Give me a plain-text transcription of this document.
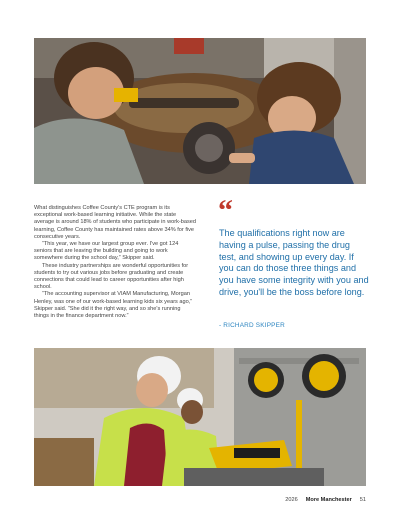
What distinguishes Coffee County's CTE program is its exceptional work-based learning initiative. While the state average is around 18% of students who participate in work-based learning, Coffee County has maintained rates above 34% for five consecutive years.

“This year, we have our largest group ever. I've got 124 seniors that are leaving the building and going to work somewhere during the school day,” Skipper said.

These industry partnerships are wonderful opportunities for students to try out various jobs before graduating and create connections that could lead to career opportunities after high school.

“The accounting supervisor at VIAM Manufacturing, Morgan Henley, was one of our work-based learning kids six years ago,” Skipper said. “She did it the right way, and so she's running things in the finance department now.”

“
The qualifications right now are having a pulse, passing the drug test, and showing up every day. If you can do those three things and you have some integrity with you and drive, you'll be the boss before long.
- RICHARD SKIPPER
2026 More Manchester 51
